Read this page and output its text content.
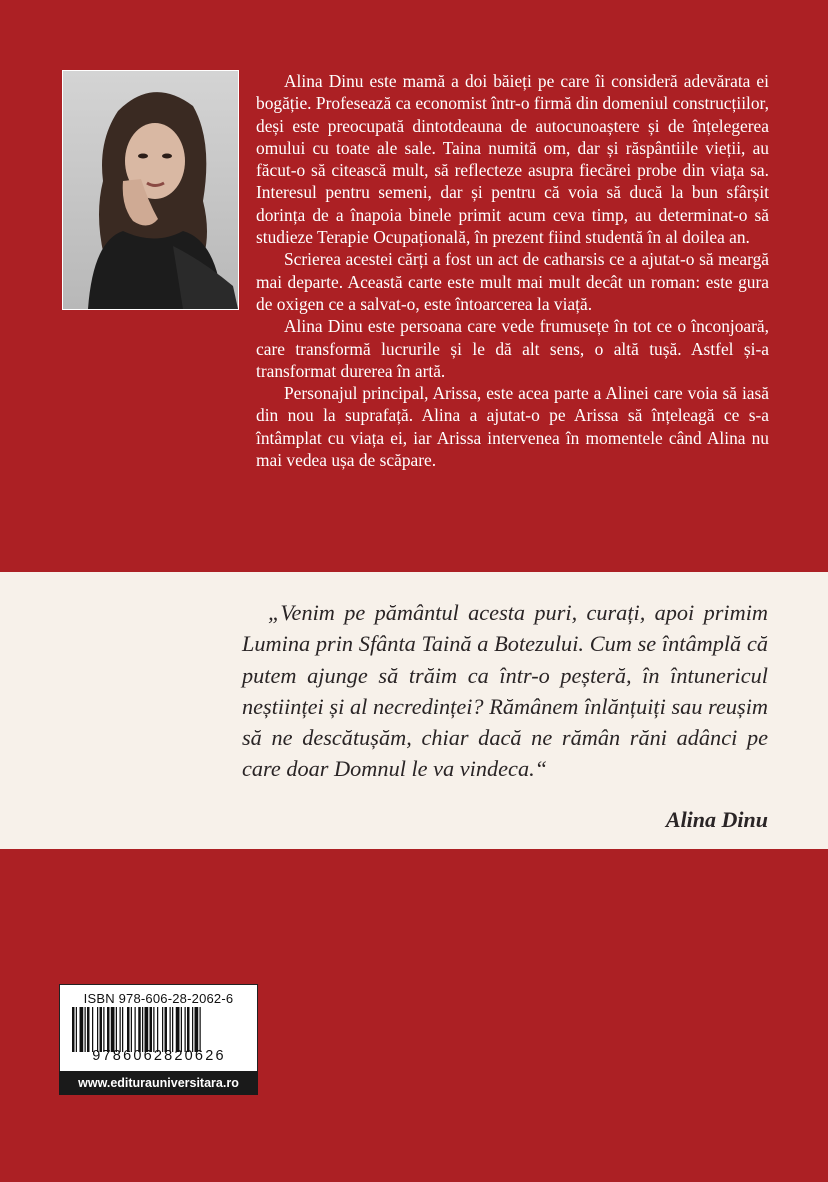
Alina Dinu este mamă a doi băieți pe care îi consideră adevărata ei bogăție. Profesează ca economist într-o firmă din domeniul construcțiilor, deși este preocupată dintotdeauna de autocunoaștere și de înțelegerea omului cu toate ale sale. Taina numită om, dar și răspântiile vieții, au făcut-o să citească mult, să reflecteze asupra fiecărei probe din viața sa. Interesul pentru semeni, dar și pentru că voia să ducă la bun sfârșit dorința de a înapoia binele primit acum ceva timp, au determinat-o să studieze Terapie Ocupațională, în prezent fiind studentă în al doilea an.

Scrierea acestei cărți a fost un act de catharsis ce a ajutat-o să meargă mai departe. Această carte este mult mai mult decât un roman: este gura de oxigen ce a salvat-o, este întoarcerea la viață.

Alina Dinu este persoana care vede frumusețe în tot ce o înconjoară, care transformă lucrurile și le dă alt sens, o altă tușă. Astfel și-a transformat durerea în artă.

Personajul principal, Arissa, este acea parte a Alinei care voia să iasă din nou la suprafață. Alina a ajutat-o pe Arissa să înțeleagă ce s-a întâmplat cu viața ei, iar Arissa intervenea în momentele când Alina nu mai vedea ușa de scăpare.

„Venim pe pământul acesta puri, curați, apoi primim Lumina prin Sfânta Taină a Botezului. Cum se întâmplă că putem ajunge să trăim ca într-o peșteră, în întunericul neștiinței și al necredinței? Rămânem înlănțuiți sau reușim să ne descătușăm, chiar dacă ne rămân răni adânci pe care doar Domnul le va vindeca.“

Alina Dinu
ISBN 978-606-28-2062-6
9786062820626
www.editurauniversitara.ro
